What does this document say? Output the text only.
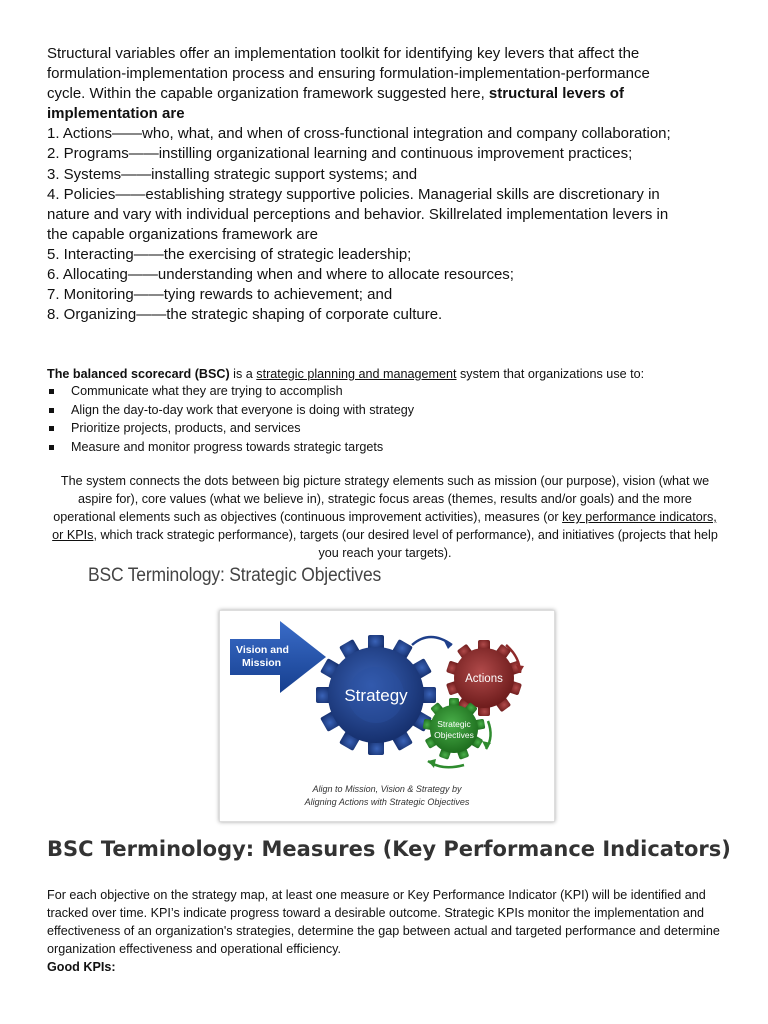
Structural variables offer an implementation toolkit for identifying key levers that affect the
formulation-implementation process and ensuring formulation-implementation-performance
cycle. Within the capable organization framework suggested here, structural levers of
implementation are
1. Actions——who, what, and when of cross-functional integration and company collaboration;
2. Programs——instilling organizational learning and continuous improvement practices;
3. Systems——installing strategic support systems; and
4. Policies——establishing strategy supportive policies. Managerial skills are discretionary in
nature and vary with individual perceptions and behavior. Skillrelated implementation levers in
the capable organizations framework are
5. Interacting——the exercising of strategic leadership;
6. Allocating——understanding when and where to allocate resources;
7. Monitoring——tying rewards to achievement; and
8. Organizing——the strategic shaping of corporate culture.
The balanced scorecard (BSC) is a strategic planning and management system that organizations use to:
Communicate what they are trying to accomplish
Align the day-to-day work that everyone is doing with strategy
Prioritize projects, products, and services
Measure and monitor progress towards strategic targets
The system connects the dots between big picture strategy elements such as mission (our purpose), vision (what we aspire for), core values (what we believe in), strategic focus areas (themes, results and/or goals) and the more operational elements such as objectives (continuous improvement activities), measures (or key performance indicators, or KPIs, which track strategic performance), targets (our desired level of performance), and initiatives (projects that help you reach your targets).
BSC Terminology: Strategic Objectives
Vision and
Mission
Strategy
Actions
Strategic
Objectives
Align to Mission, Vision & Strategy by
Aligning Actions with Strategic Objectives
BSC Terminology: Measures (Key Performance Indicators)
For each objective on the strategy map, at least one measure or Key Performance Indicator (KPI) will be identified and tracked over time. KPI’s indicate progress toward a desirable outcome. Strategic KPIs monitor the implementation and effectiveness of an organization's strategies, determine the gap between actual and targeted performance and determine organization effectiveness and operational efficiency.
Good KPIs:
